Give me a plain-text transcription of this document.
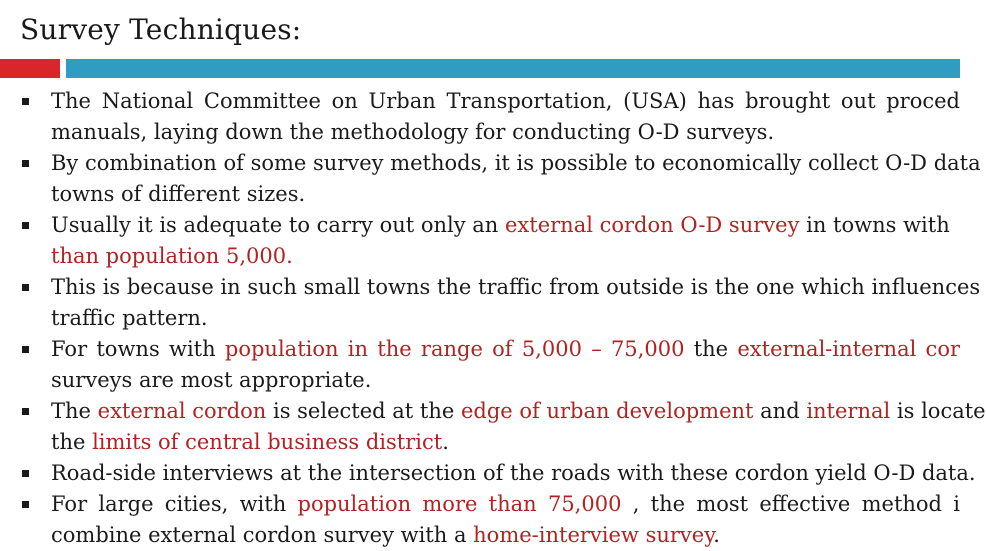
Survey Techniques:
The National Committee on Urban Transportation, (USA) has brought out proced
manuals, laying down the methodology for conducting O-D surveys.
By combination of some survey methods, it is possible to economically collect O-D data
towns of different sizes.
Usually it is adequate to carry out only an external cordon O-D survey in towns with
than population 5,000.
This is because in such small towns the traffic from outside is the one which influences
traffic pattern.
For towns with population in the range of 5,000 – 75,000 the external-internal cor
surveys are most appropriate.
The external cordon is selected at the edge of urban development and internal is locate
the limits of central business district.
Road-side interviews at the intersection of the roads with these cordon yield O-D data.
For large cities, with population more than 75,000 , the most effective method i
combine external cordon survey with a home-interview survey.
